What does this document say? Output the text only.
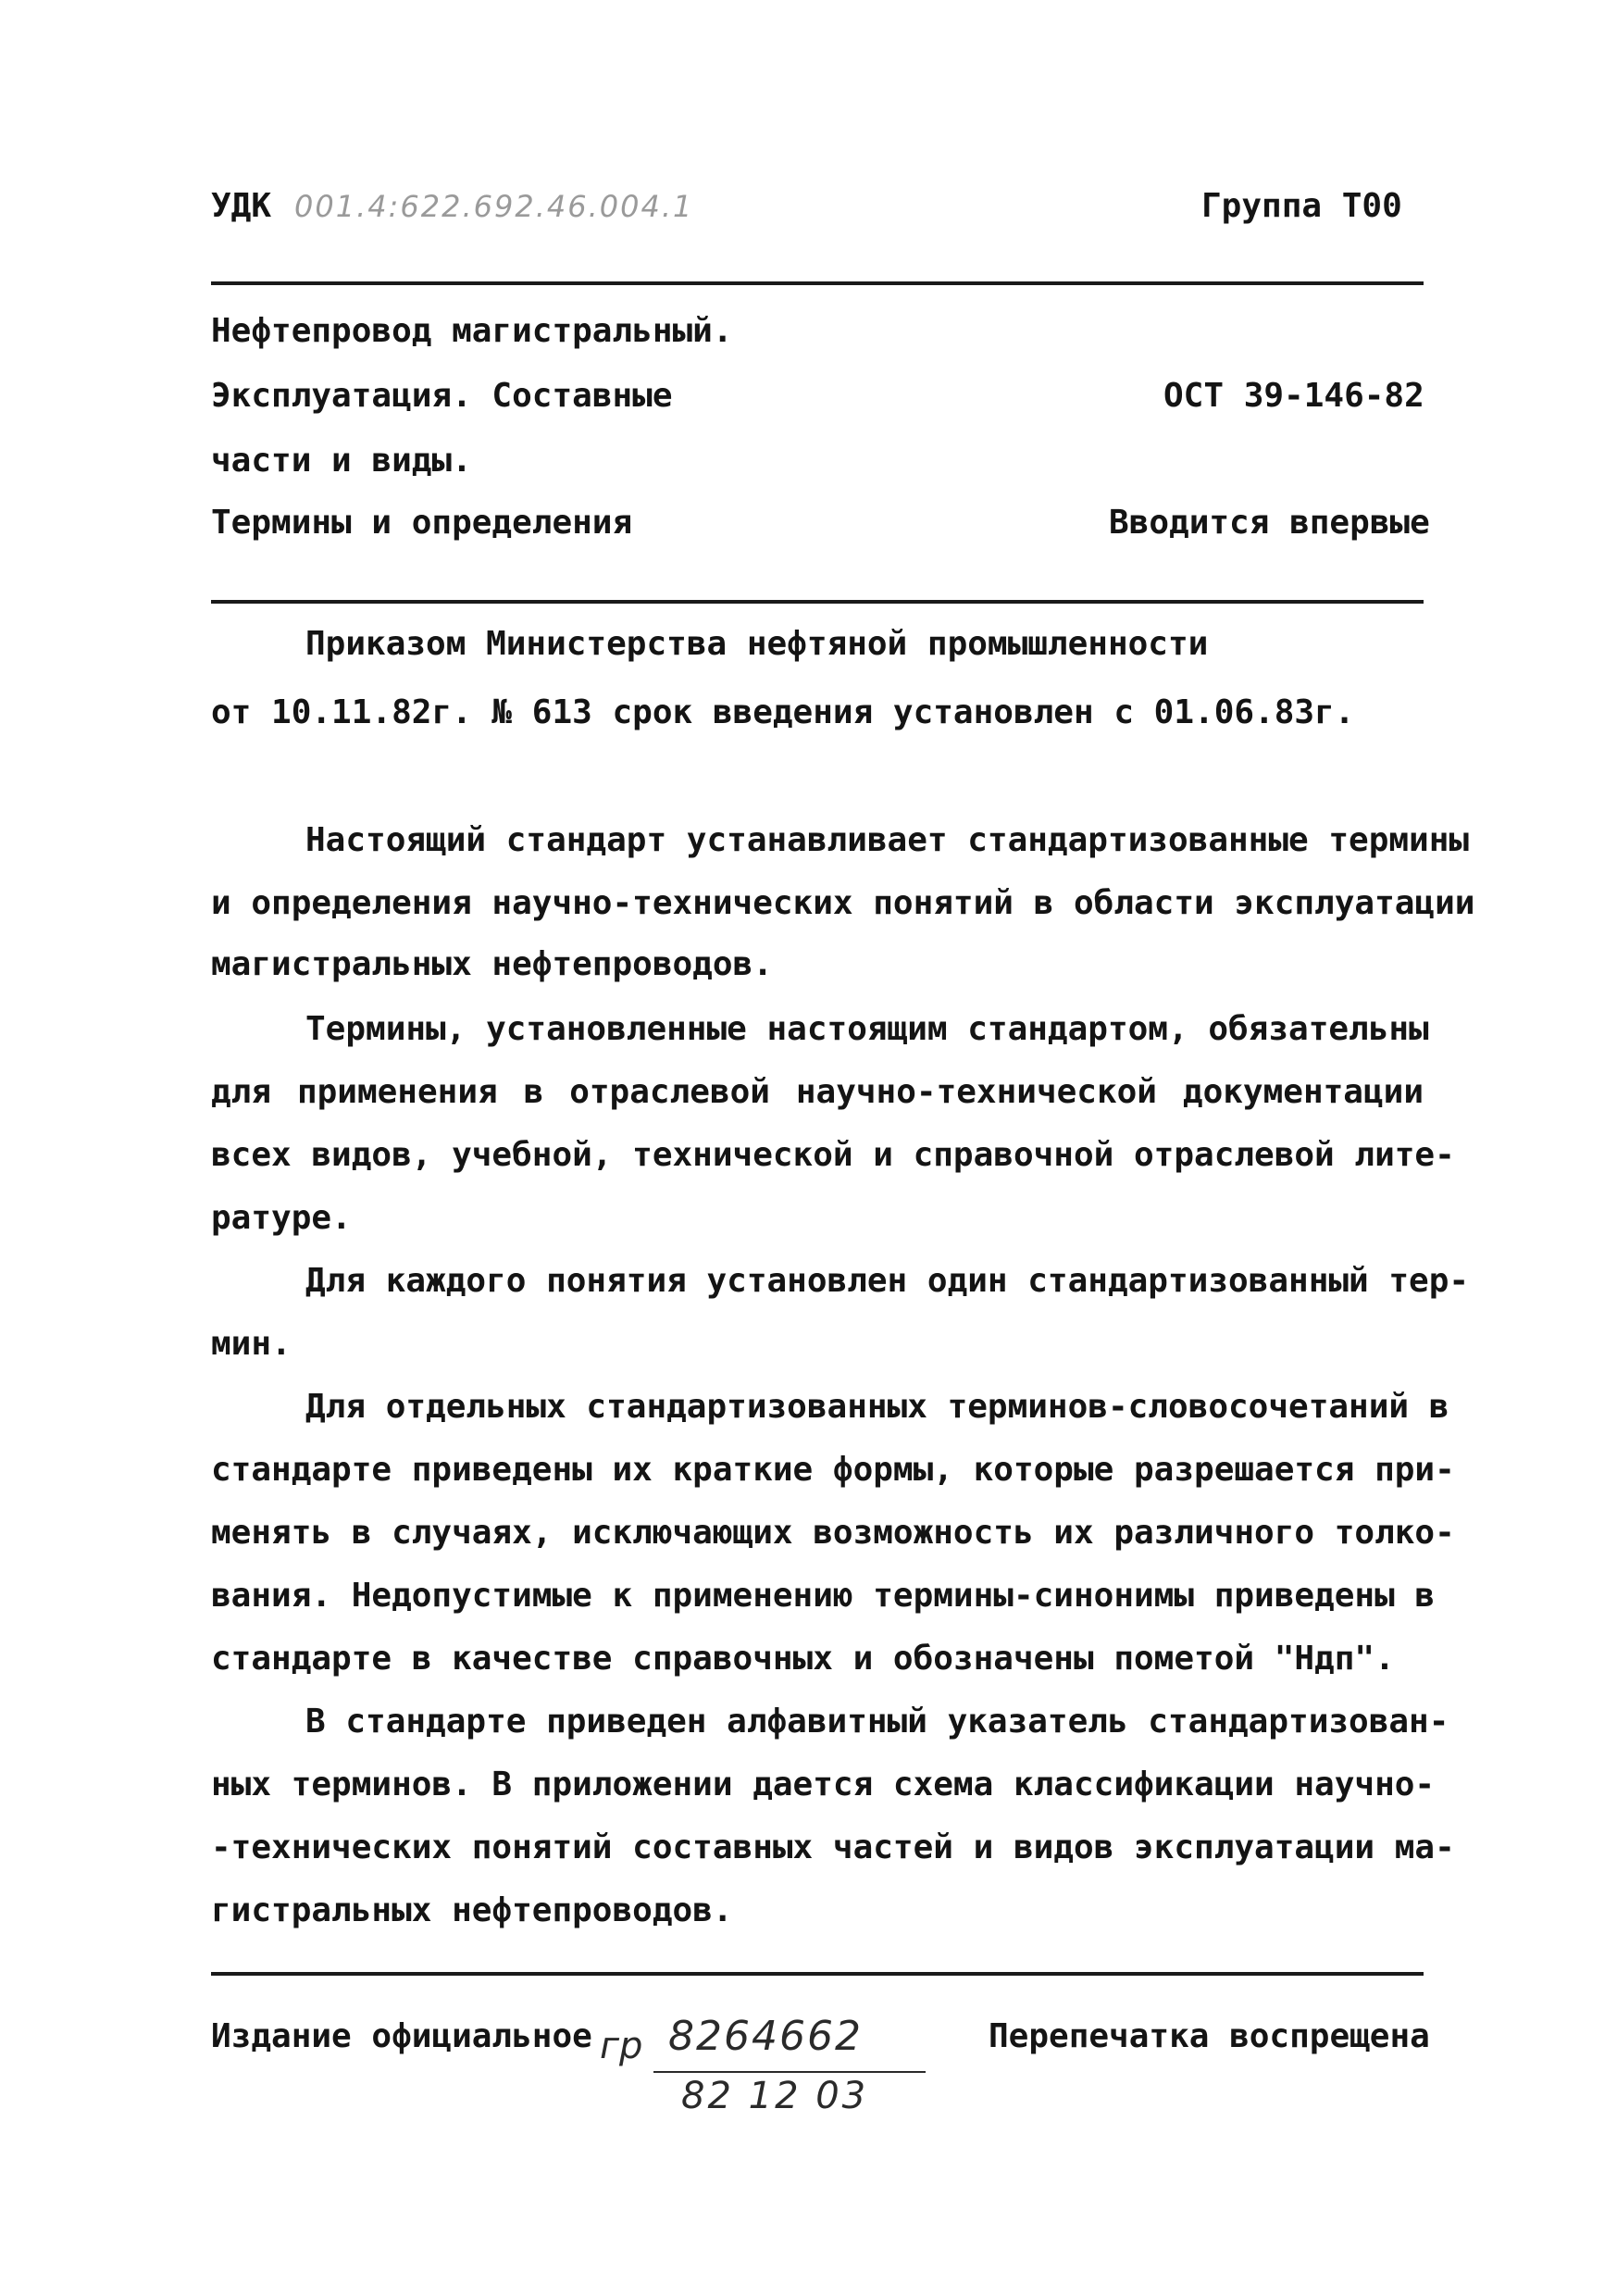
УДК 001.4:622.692.46.004.1	Группа Т00
Нефтепровод магистральный.
Эксплуатация. Составные	ОСТ 39-146-82
части и виды.
Термины и определения	Вводится впервые
Приказом Министерства нефтяной промышленности
от 10.11.82г. № 613 срок введения установлен с 01.06.83г.
Настоящий стандарт устанавливает стандартизованные термины
и определения научно-технических понятий в области эксплуатации
магистральных нефтепроводов.
Термины, установленные настоящим стандартом, обязательны
для применения в отраслевой научно-технической документации
всех видов, учебной, технической и справочной отраслевой лите-
ратуре.
Для каждого понятия установлен один стандартизованный тер-
мин.
Для отдельных стандартизованных терминов-словосочетаний в
стандарте приведены их краткие формы, которые разрешается при-
менять в случаях, исключающих возможность их различного толко-
вания. Недопустимые к применению термины-синонимы приведены в
стандарте в качестве справочных и обозначены пометой "Ндп".
В стандарте приведен алфавитный указатель стандартизован-
ных терминов. В приложении дается схема классификации научно-
-технических понятий составных частей и видов эксплуатации ма-
гистральных нефтепроводов.
Издание официальное гр 8264662
82 12 03
Перепечатка воспрещена
